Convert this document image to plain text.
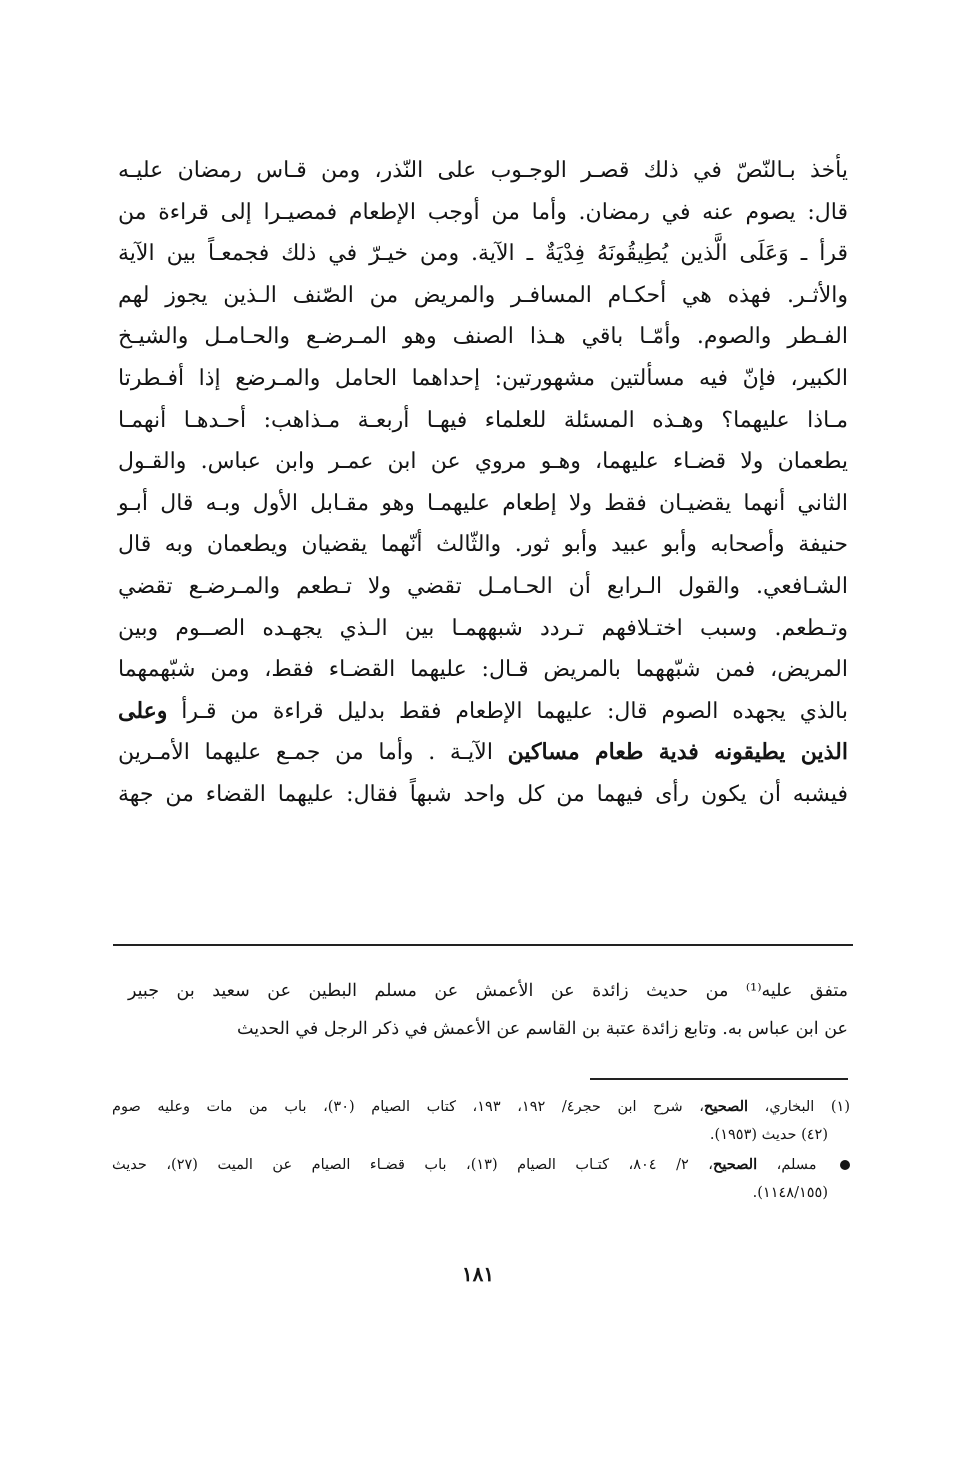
يأخذ بـالنّصّ في ذلك قصـر الوجـوب على النّذر، ومن قـاس رمضان عليـه
قال: يصوم عنه في رمضان. وأما من أوجب الإطعام فمصيـرا إلى قراءة من
قرأ ـ وَعَلَى الَّذين يُطِيقُونَهُ فِدْيَةٌ ـ الآية. ومن خيـرّ في ذلك فجمعـاً بين الآية
والأثـر. فهذه هي أحكـام المسافـر والمريض من الصّنف الـذين يجوز لهم
الفـطر والصوم. وأمّـا باقي هـذا الصنف وهو المـرضـع والحـامـل والشيـخ
الكبير، فإنّ فيه مسألتين مشهورتين: إحداهما الحامل والمـرضع إذا أفـطرتا
مـاذا عليهما؟ وهـذه المسئلة للعلماء فيهـا أربعـة مـذاهب: أحـدهـا أنهمـا
يطعمان ولا قضـاء عليهما، وهـو مروي عن ابن عمـر وابن عباس. والقـول
الثاني أنهما يقضيـان فقط ولا إطعام عليهمـا وهو مقـابل الأول وبـه قال أبـو
حنيفة وأصحابه وأبو عبيد وأبو ثور. والثّالث أنّهما يقضيان ويطعمان وبه قال
الشـافعي. والقول الـرابع أن الحـامـل تقضي ولا تـطعم والمـرضـع تقضي
وتـطعم. وسبب اختـلافهم تـردد شبههمـا بين الـذي يجهـده الصــوم وبين
المريض، فمن شبّههما بالمريض قـال: عليهما القضـاء فقط، ومن شبّهمهما
بالذي يجهده الصوم قال: عليهما الإطعام فقط بدليل قراءة من قـرأ وعلى
الذين يطيقونه فدية طعام مساكين الآيـة . وأما من جمـع عليهما الأمـرين
فيشبه أن يكون رأى فيهما من كل واحد شبهاً فقال: عليهما القضاء من جهة
متفق عليه⁽¹⁾ من حديث زائدة عن الأعمش عن مسلم البطين عن سعيد بن جبير
عن ابن عباس به. وتابع زائدة عتبة بن القاسم عن الأعمش في ذكر الرجل في الحديث
(١) البخاري، الصحيح، شرح ابن حجر٤/ ١٩٢، ١٩٣، كتاب الصيام (٣٠)، باب من مات وعليه صوم
(٤٢) حديث (١٩٥٣).
مسلم، الصحيح، ٢/ ٨٠٤، كتـاب الصيام (١٣)، باب قضـاء الصيام عن الميت (٢٧)، حديث
(١١٤٨/١٥٥).
١٨١
